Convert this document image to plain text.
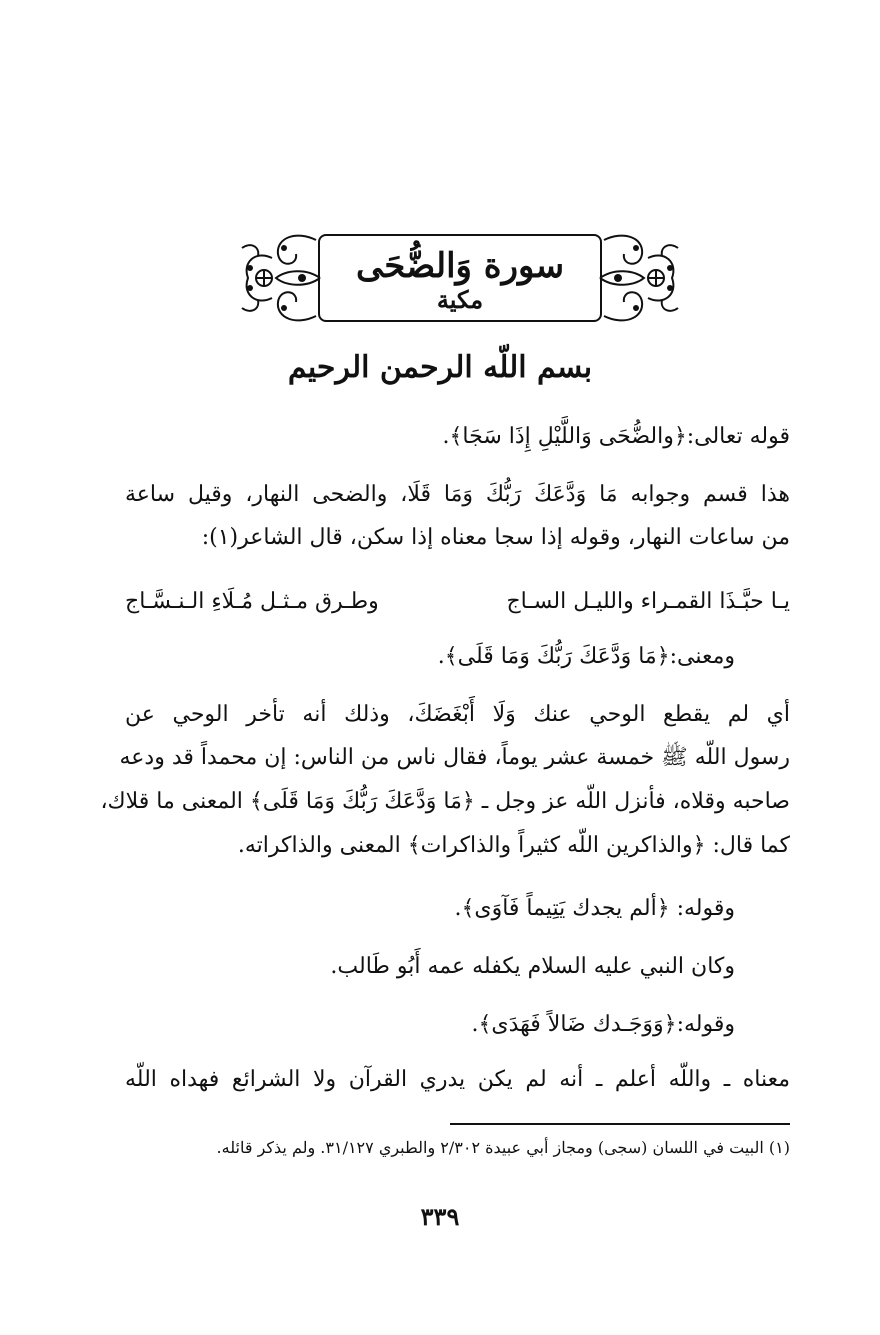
سورة وَالضُّحَى
مكية
بسم اللّه الرحمن الرحيم
قوله تعالى:﴿والضُّحَى وَاللَّيْلِ إِذَا سَجَا﴾.
هذا قسم وجوابه مَا وَدَّعَكَ رَبُّكَ وَمَا قَلَا، والضحى النهار، وقيل ساعة
من ساعات النهار، وقوله إذا سجا معناه إذا سكن، قال الشاعر(١):
يـا حبَّـذَا القمـراء والليـل السـاج
وطـرق مـثـل مُـلَاءِ الـنـسَّـاج
ومعنى:﴿مَا وَدَّعَكَ رَبُّكَ وَمَا قَلَى﴾.
أي لم يقطع الوحي عنك وَلَا أَبْغَضَكَ، وذلك أنه تأخر الوحي عن
رسول اللّه ﷺ خمسة عشر يوماً، فقال ناس من الناس: إن محمداً قد ودعه
صاحبه وقلاه، فأنزل اللّه عز وجل ـ ﴿مَا وَدَّعَكَ رَبُّكَ وَمَا قَلَى﴾ المعنى ما قلاك،
كما قال: ﴿والذاكرين اللّه كثيراً والذاكرات﴾ المعنى والذاكراته.
وقوله: ﴿ألم يجدك يَتِيماً فَآوَى﴾.
وكان النبي عليه السلام يكفله عمه أَبُو طَالب.
وقوله:﴿وَوَجَـدك ضَالاً فَهَدَى﴾.
معناه ـ واللّه أعلم ـ أنه لم يكن يدري القرآن ولا الشرائع فهداه اللّه
(١) البيت في اللسان (سجى) ومجاز أبي عبيدة ٢/٣٠٢ والطبري ٣١/١٢٧. ولم يذكر قائله.
٣٣٩
